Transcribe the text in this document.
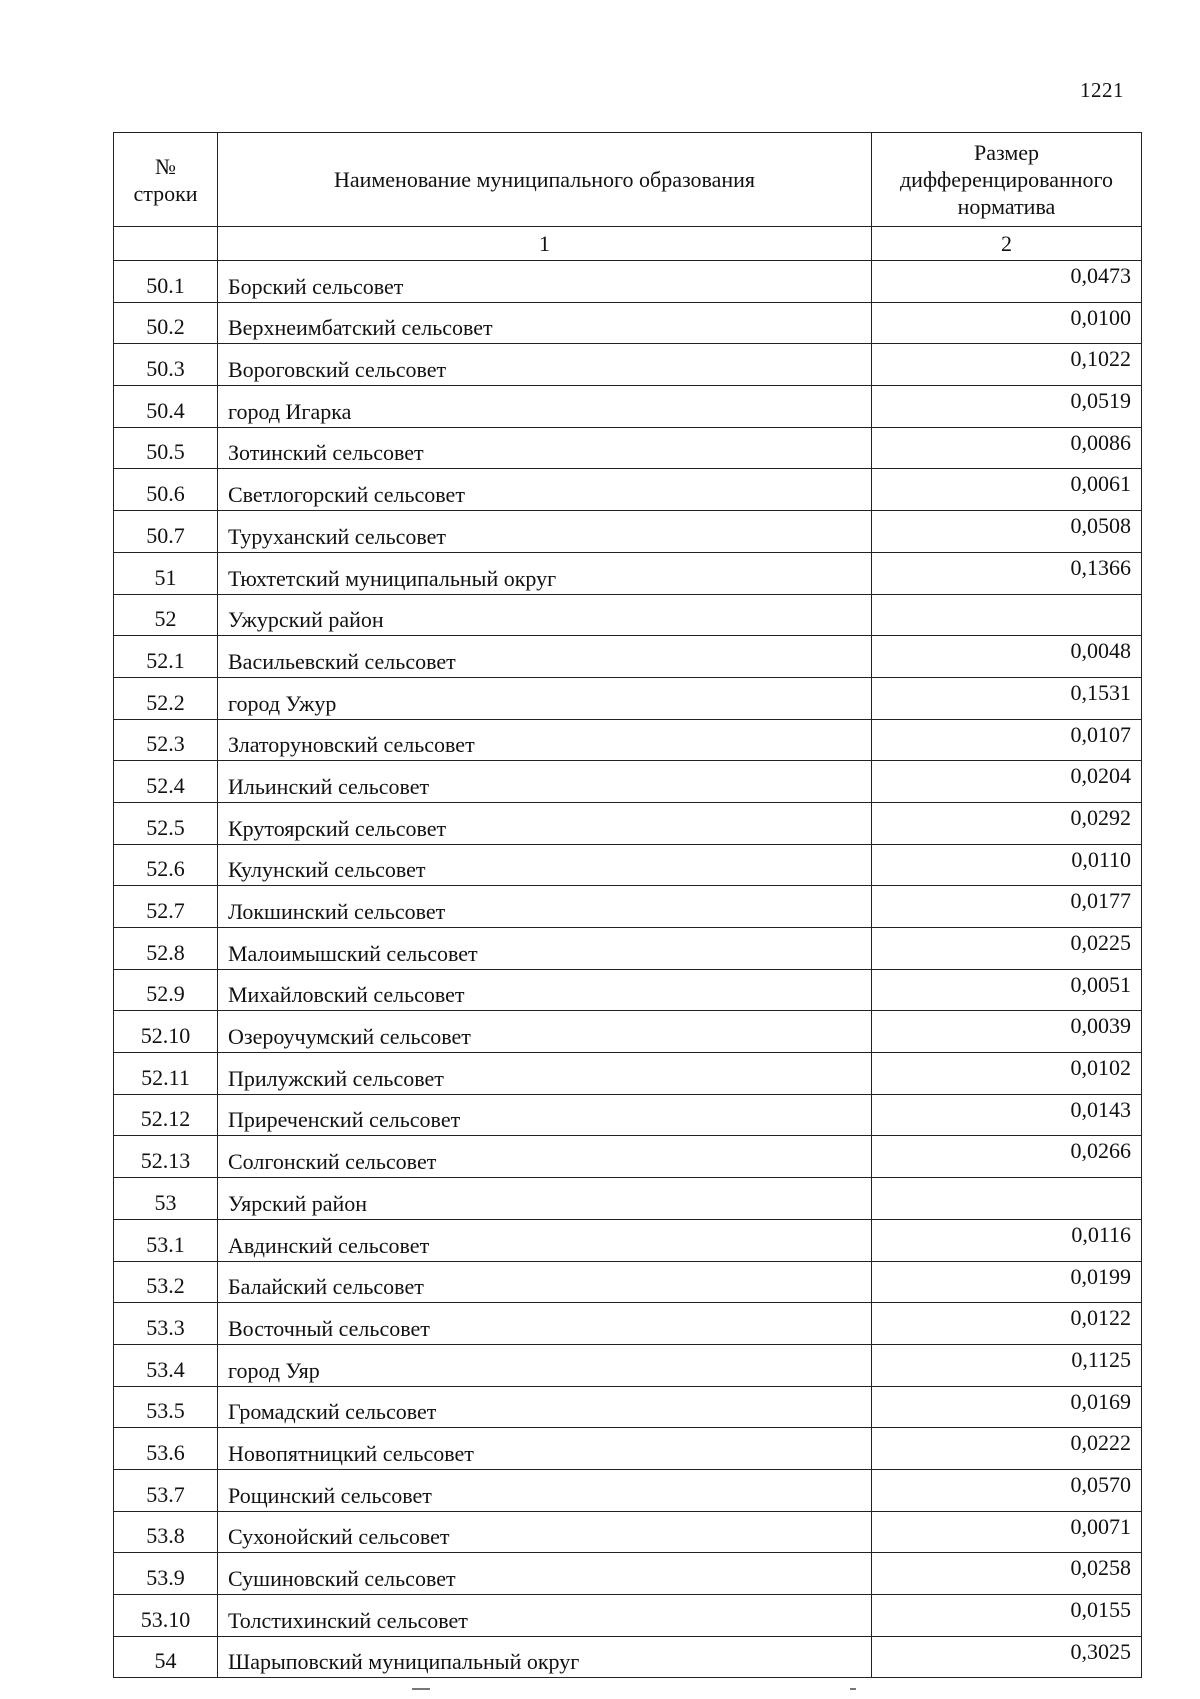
1221
№
строки	Наименование муниципального образования	Размер
дифференцированного
норматива

	1	2
50.1	Борский сельсовет	0,0473
50.2	Верхнеимбатский сельсовет	0,0100
50.3	Вороговский сельсовет	0,1022
50.4	город Игарка	0,0519
50.5	Зотинский сельсовет	0,0086
50.6	Светлогорский сельсовет	0,0061
50.7	Туруханский сельсовет	0,0508
51	Тюхтетский муниципальный округ	0,1366
52	Ужурский район	
52.1	Васильевский сельсовет	0,0048
52.2	город Ужур	0,1531
52.3	Златоруновский сельсовет	0,0107
52.4	Ильинский сельсовет	0,0204
52.5	Крутоярский сельсовет	0,0292
52.6	Кулунский сельсовет	0,0110
52.7	Локшинский сельсовет	0,0177
52.8	Малоимышский сельсовет	0,0225
52.9	Михайловский сельсовет	0,0051
52.10	Озероучумский сельсовет	0,0039
52.11	Прилужский сельсовет	0,0102
52.12	Приреченский сельсовет	0,0143
52.13	Солгонский сельсовет	0,0266
53	Уярский район	
53.1	Авдинский сельсовет	0,0116
53.2	Балайский сельсовет	0,0199
53.3	Восточный сельсовет	0,0122
53.4	город Уяр	0,1125
53.5	Громадский сельсовет	0,0169
53.6	Новопятницкий сельсовет	0,0222
53.7	Рощинский сельсовет	0,0570
53.8	Сухонойский сельсовет	0,0071
53.9	Сушиновский сельсовет	0,0258
53.10	Толстихинский сельсовет	0,0155
54	Шарыповский муниципальный округ	0,3025
